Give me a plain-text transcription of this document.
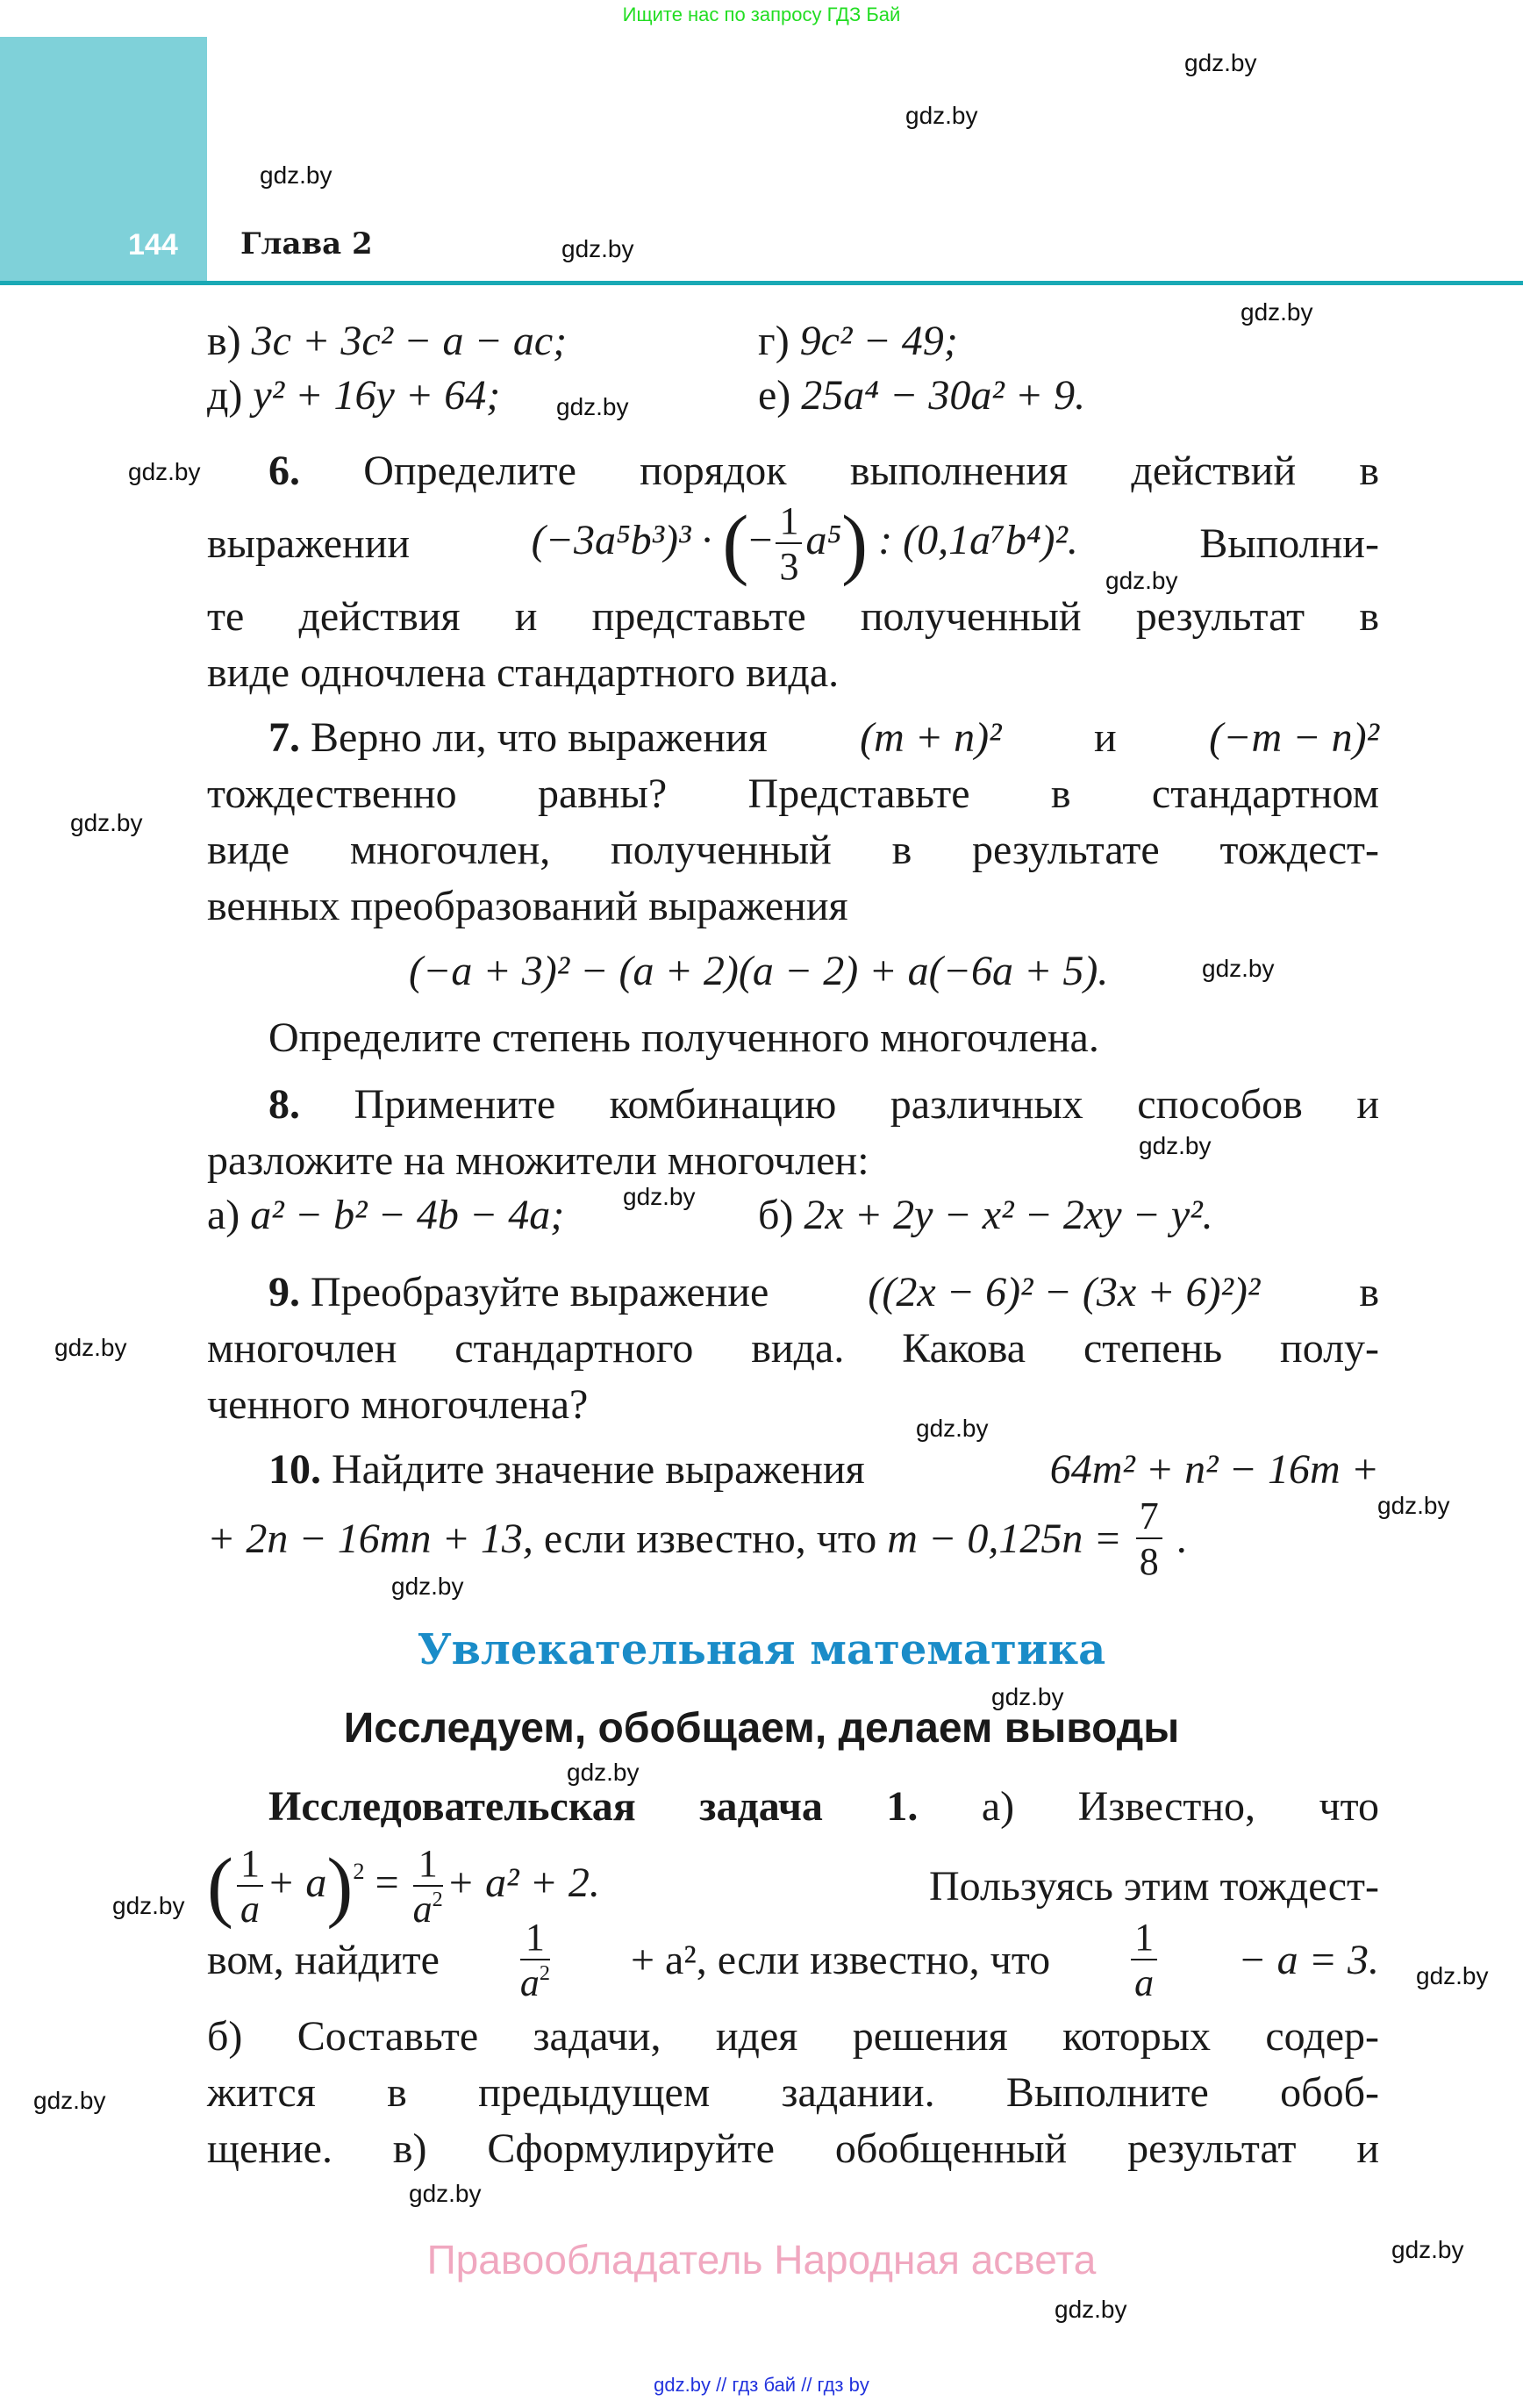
Ищите нас по запросу ГДЗ Бай
144 Глава 2
gdz.by
gdz.by
gdz.by
gdz.by
gdz.by
gdz.by
gdz.by
gdz.by
gdz.by
gdz.by
gdz.by
gdz.by
gdz.by
gdz.by
gdz.by
gdz.by
gdz.by
gdz.by
gdz.by
gdz.by
gdz.by
gdz.by
gdz.by
gdz.by
в) 3c + 3c² − a − ac;	г) 9c² − 49;
д) y² + 16y + 64;	е) 25a⁴ − 30a² + 9.
6. Определите порядок выполнения действий в
выражении	(−3a⁵b³)³ · (− $\frac{1}{3} a^5$) : (0,1a⁷b⁴)².	Выполни-
те действия и представьте полученный результат в
виде одночлена стандартного вида.
7. Верно ли, что выражения (m + n)² и (−m − n)²
тождественно равны? Представьте в стандартном
виде многочлен, полученный в результате тождест-
венных преобразований выражения
(−a + 3)² − (a + 2)(a − 2) + a(−6a + 5).
Определите степень полученного многочлена.
8. Примените комбинацию различных способов и
разложите на множители многочлен:
а) a² − b² − 4b − 4a;	б) 2x + 2y − x² − 2xy − y².
9. Преобразуйте выражение ((2x − 6)² − (3x + 6)²)² в
многочлен стандартного вида. Какова степень полу-
ченного многочлена?
10. Найдите значение выражения	64m² + n² − 16m +
+ 2n − 16mn + 13, если известно, что $m - 0,125n = \frac{7}{8}$ .
Увлекательная математика
Исследуем, обобщаем, делаем выводы
Исследовательская задача 1. а) Известно, что
( $\frac{1}{a} + a)^2 = \frac{1}{a^2} + a^2 + 2$.	Пользуясь этим тождест-
вом, найдите $\frac{1}{a^2} + a^2$, если известно, что $\frac{1}{a} - a = 3$.
б) Составьте задачи, идея решения которых содер-
жится в предыдущем задании. Выполните обоб-
щение. в) Сформулируйте обобщенный результат и
Правообладатель Народная асвета
gdz.by // гдз бай // гдз by
